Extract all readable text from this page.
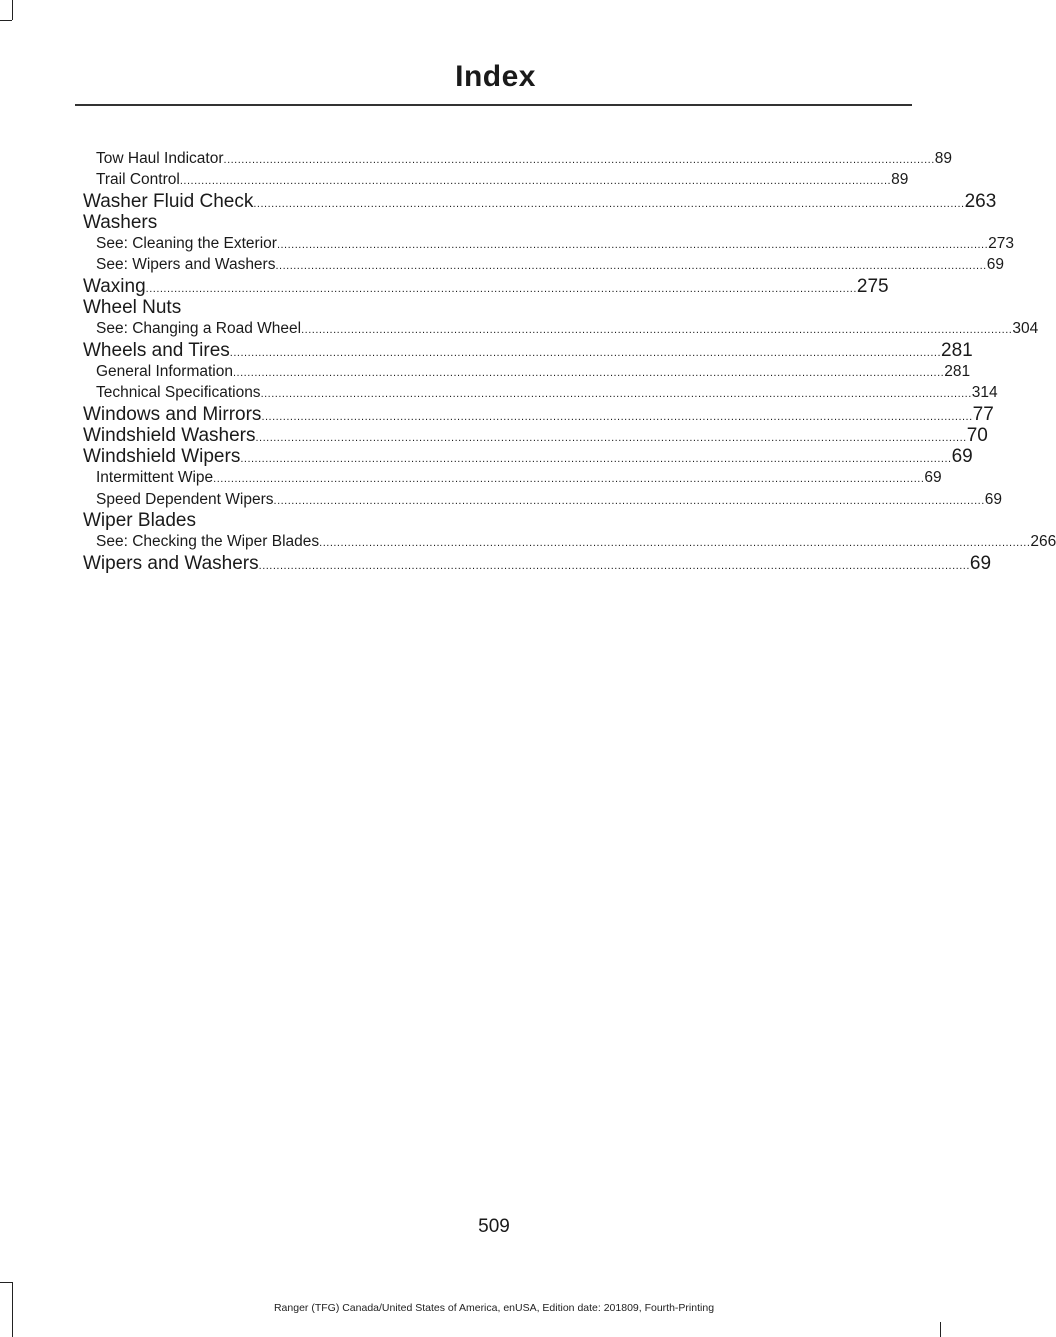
Index
Tow Haul Indicator ........................................................................................................................................................................................................ 89
Trail Control ........................................................................................................................................................................................................ 89
Washer Fluid Check ........................................................................................................................................................................................................ 263
Washers
See: Cleaning the Exterior ........................................................................................................................................................................................................ 273
See: Wipers and Washers ........................................................................................................................................................................................................ 69
Waxing ........................................................................................................................................................................................................ 275
Wheel Nuts
See: Changing a Road Wheel ........................................................................................................................................................................................................ 304
Wheels and Tires ........................................................................................................................................................................................................ 281
General Information ........................................................................................................................................................................................................ 281
Technical Specifications ........................................................................................................................................................................................................ 314
Windows and Mirrors ........................................................................................................................................................................................................ 77
Windshield Washers ........................................................................................................................................................................................................ 70
Windshield Wipers ........................................................................................................................................................................................................ 69
Intermittent Wipe ........................................................................................................................................................................................................ 69
Speed Dependent Wipers ........................................................................................................................................................................................................ 69
Wiper Blades
See: Checking the Wiper Blades ........................................................................................................................................................................................................ 266
Wipers and Washers ........................................................................................................................................................................................................ 69
509
Ranger (TFG) Canada/United States of America, enUSA, Edition date: 201809, Fourth-Printing
